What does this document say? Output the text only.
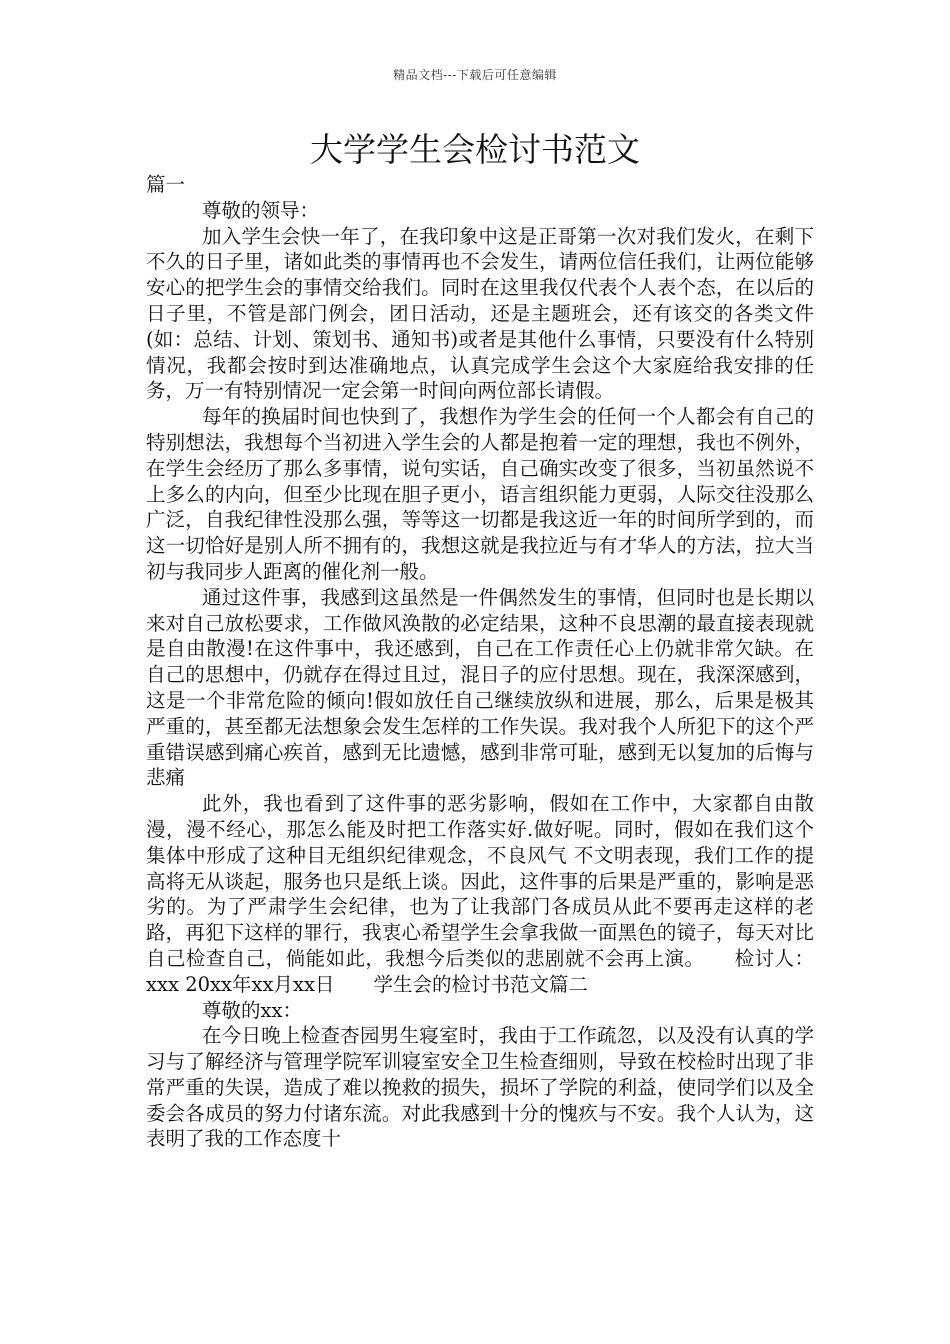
精品文档---下载后可任意编辑
大学学生会检讨书范文

篇一

尊敬的领导：

加入学生会快一年了，在我印象中这是正哥第一次对我们发火，在剩下不久的日子里，诸如此类的事情再也不会发生，请两位信任我们，让两位能够安心的把学生会的事情交给我们。同时在这里我仅代表个人表个态，在以后的日子里，不管是部门例会，团日活动，还是主题班会，还有该交的各类文件(如：总结、计划、策划书、通知书)或者是其他什么事情，只要没有什么特别情况，我都会按时到达准确地点，认真完成学生会这个大家庭给我安排的任务，万一有特别情况一定会第一时间向两位部长请假。

每年的换届时间也快到了，我想作为学生会的任何一个人都会有自己的特别想法，我想每个当初进入学生会的人都是抱着一定的理想，我也不例外，在学生会经历了那么多事情，说句实话，自己确实改变了很多，当初虽然说不上多么的内向，但至少比现在胆子更小，语言组织能力更弱，人际交往没那么广泛，自我纪律性没那么强，等等这一切都是我这近一年的时间所学到的，而这一切恰好是别人所不拥有的，我想这就是我拉近与有才华人的方法，拉大当初与我同步人距离的催化剂一般。

通过这件事，我感到这虽然是一件偶然发生的事情，但同时也是长期以来对自己放松要求，工作做风涣散的必定结果，这种不良思潮的最直接表现就是自由散漫!在这件事中，我还感到，自己在工作责任心上仍就非常欠缺。在自己的思想中，仍就存在得过且过，混日子的应付思想。现在，我深深感到，这是一个非常危险的倾向!假如放任自己继续放纵和进展，那么，后果是极其严重的，甚至都无法想象会发生怎样的工作失误。我对我个人所犯下的这个严重错误感到痛心疾首，感到无比遗憾，感到非常可耻，感到无以复加的后悔与悲痛

此外，我也看到了这件事的恶劣影响，假如在工作中，大家都自由散漫，漫不经心，那怎么能及时把工作落实好.做好呢。同时，假如在我们这个集体中形成了这种目无组织纪律观念，不良风气 不文明表现，我们工作的提高将无从谈起，服务也只是纸上谈。因此，这件事的后果是严重的，影响是恶劣的。为了严肃学生会纪律，也为了让我部门各成员从此不要再走这样的老路，再犯下这样的罪行，我衷心希望学生会拿我做一面黑色的镜子，每天对比自己检查自己，倘能如此，我想今后类似的悲剧就不会再上演。　　检讨人：xxx 20xx年xx月xx日　　学生会的检讨书范文篇二

尊敬的xx：

在今日晚上检查杏园男生寝室时，我由于工作疏忽，以及没有认真的学习与了解经济与管理学院军训寝室安全卫生检查细则，导致在校检时出现了非常严重的失误，造成了难以挽救的损失，损坏了学院的利益，使同学们以及全委会各成员的努力付诸东流。对此我感到十分的愧疚与不安。我个人认为，这表明了我的工作态度十
